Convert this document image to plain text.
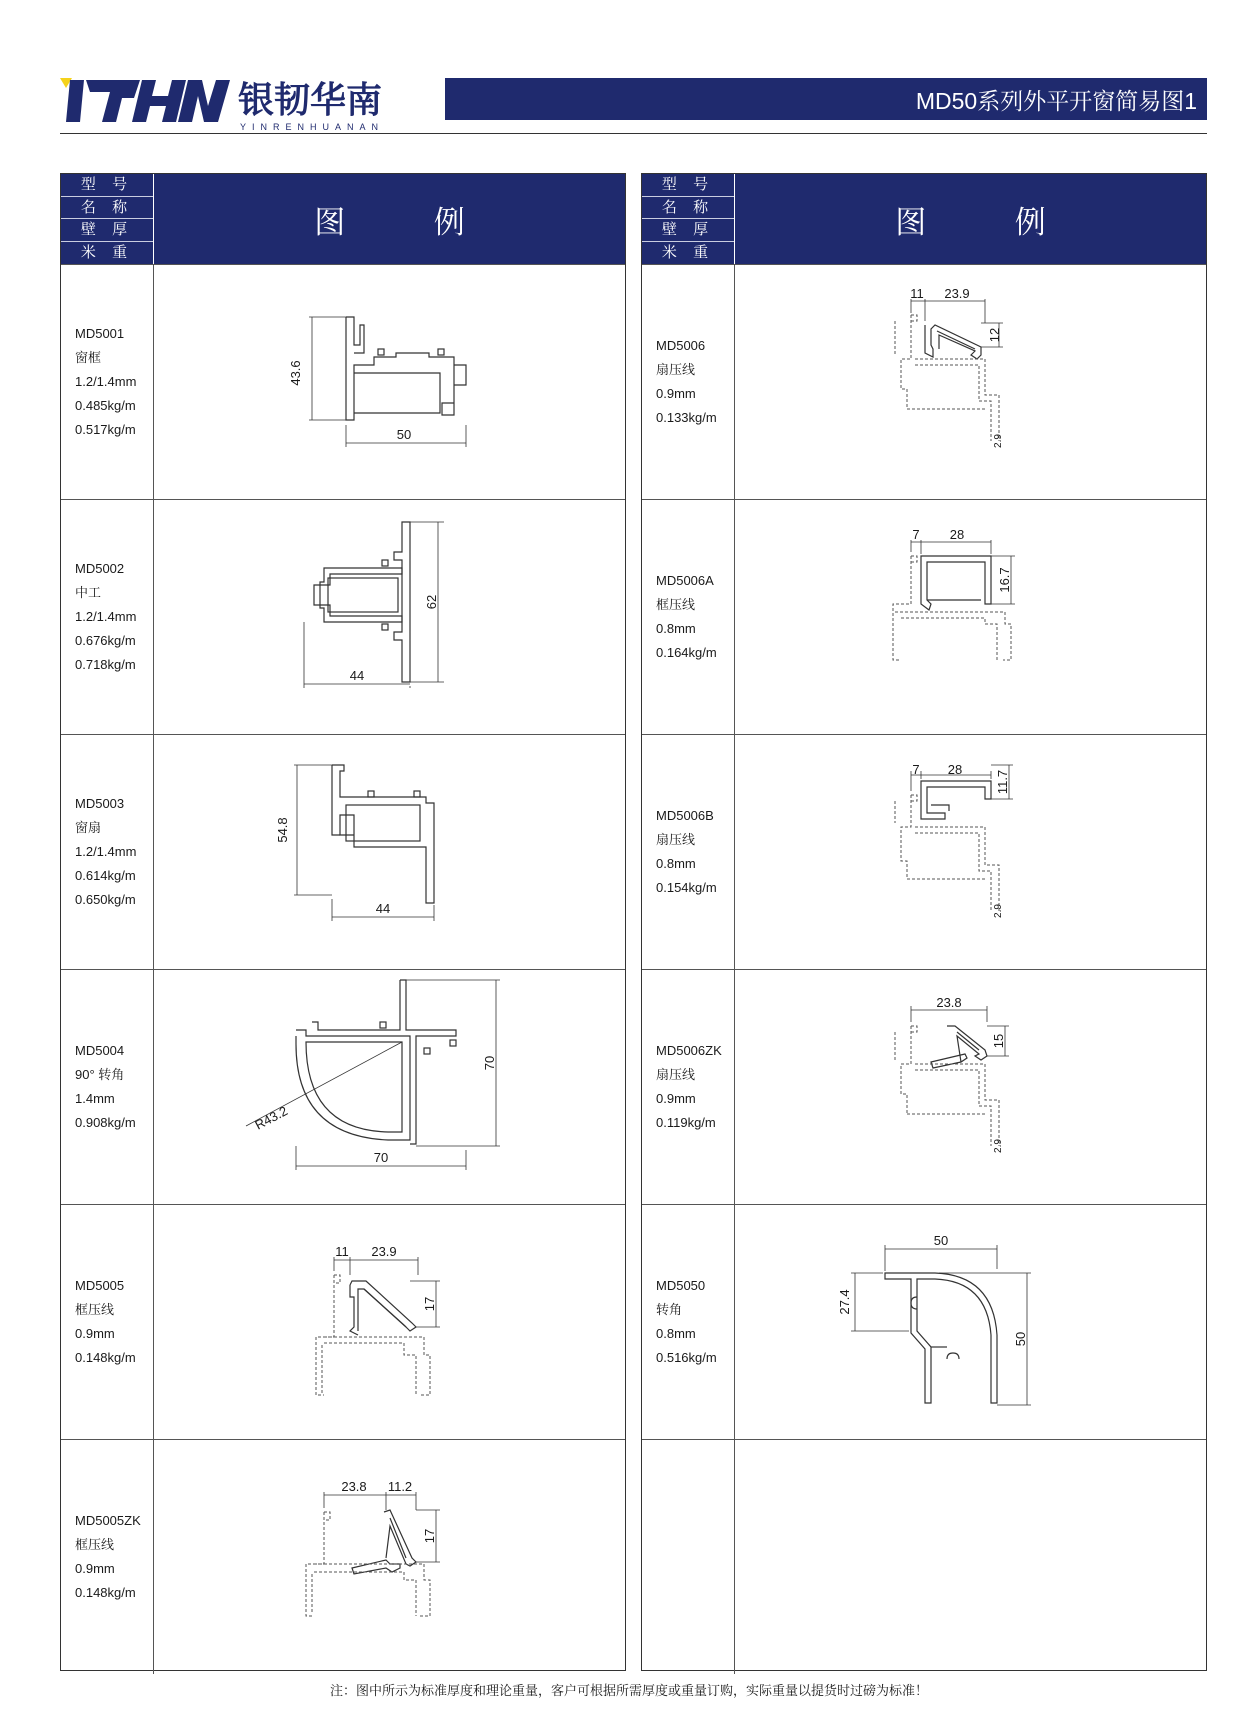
银韧华南
YINRENHUANAN
MD50系列外平开窗简易图1
型 号
名 称
壁 厚
米 重
图 例
MD5001
窗框
1.2/1.4mm
0.485kg/m
0.517kg/m
43.6
50
MD5002
中工
1.2/1.4mm
0.676kg/m
0.718kg/m
62
44
MD5003
窗扇
1.2/1.4mm
0.614kg/m
0.650kg/m
54.8
44
MD5004
90° 转角
1.4mm
0.908kg/m	R43.2
70
70
MD5005
框压线
0.9mm
0.148kg/m
11 23.9
17
MD5005ZK
框压线
0.9mm
0.148kg/m
23.8 11.2
17
型 号
名 称
壁 厚
米 重
图 例
MD5006
扇压线
0.9mm
0.133kg/m
11 23.9
12
2.9
MD5006A
框压线
0.8mm
0.164kg/m
7 28
16.7
MD5006B
扇压线
0.8mm
0.154kg/m
7 28
11.7
2.9
MD5006ZK
扇压线
0.9mm
0.119kg/m
23.8
15
2.9
MD5050
转角
0.8mm
0.516kg/m
50
27.4
50
注：图中所示为标准厚度和理论重量，客户可根据所需厚度或重量订购，实际重量以提货时过磅为标准！
